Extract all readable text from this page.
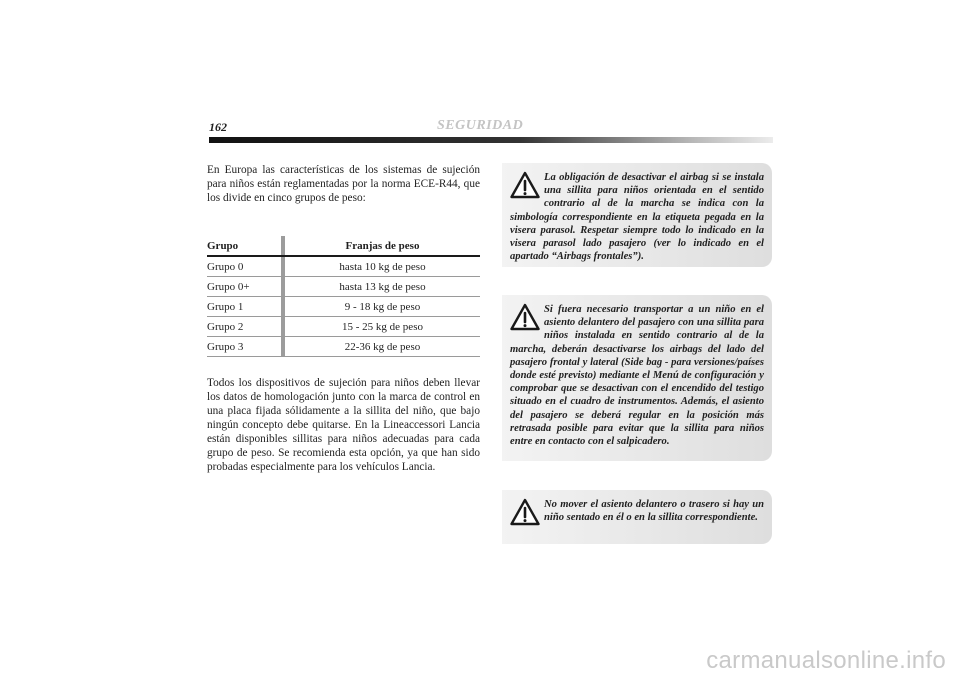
162	SEGURIDAD

En Europa las características de los sistemas de sujeción para niños están reglamentadas por la norma ECE-R44, que los divide en cinco grupos de peso:

Grupo		Franjas de peso
Grupo 0		hasta 10 kg de peso
Grupo 0+		hasta 13 kg de peso
Grupo 1		9 - 18 kg de peso
Grupo 2		15 - 25 kg de peso
Grupo 3		22-36 kg de peso

Todos los dispositivos de sujeción para niños deben llevar los datos de homologación junto con la marca de control en una placa fijada sólidamente a la sillita del niño, que bajo ningún concepto debe quitarse. En la Lineaccessori Lancia están disponibles sillitas para niños adecuadas para cada grupo de peso. Se recomienda esta opción, ya que han sido probadas especialmente para los vehículos Lancia.

La obligación de desactivar el airbag si se instala una sillita para niños orientada en el sentido contrario al de la marcha se indica con la simbología correspondiente en la etiqueta pegada en la visera parasol. Respetar siempre todo lo indicado en la visera parasol lado pasajero (ver lo indicado en el apartado “Airbags frontales”).

Si fuera necesario transportar a un niño en el asiento delantero del pasajero con una sillita para niños instalada en sentido contrario al de la marcha, deberán desactivarse los airbags del lado del pasajero frontal y lateral (Side bag - para versiones/países donde esté previsto) mediante el Menú de configuración y comprobar que se desactivan con el encendido del testigo situado en el cuadro de instrumentos. Además, el asiento del pasajero se deberá regular en la posición más retrasada posible para evitar que la sillita para niños entre en contacto con el salpicadero.

No mover el asiento delantero o trasero si hay un niño sentado en él o en la sillita correspondiente.

carmanualsonline.info
